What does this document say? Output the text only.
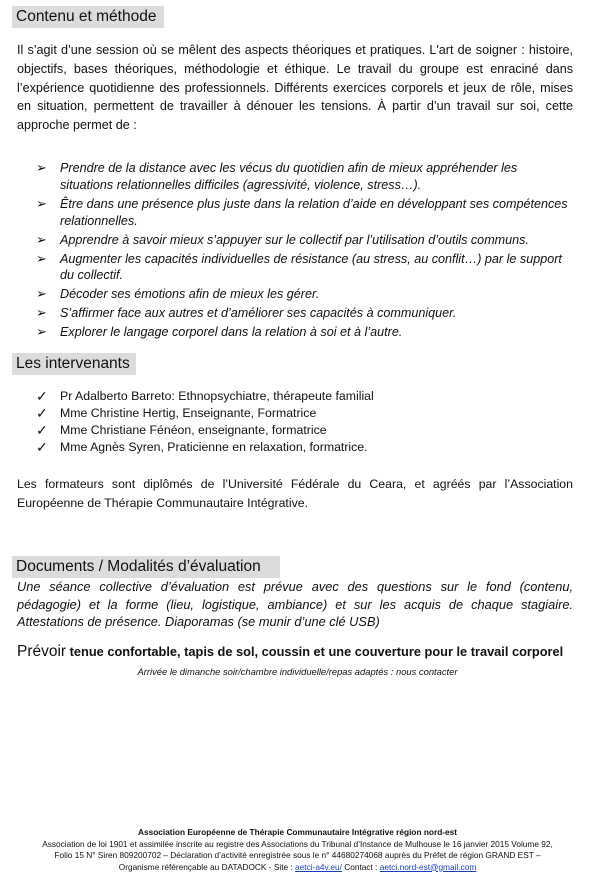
Contenu et méthode

Il s’agit d’une session où se mêlent des aspects théoriques et pratiques. L'art de soigner : histoire, objectifs, bases théoriques, méthodologie et éthique. Le travail du groupe est enraciné dans l’expérience quotidienne des professionnels. Différents exercices corporels et jeux de rôle, mises en situation, permettent de travailler à dénouer les tensions. À partir d’un travail sur soi, cette approche permet de :

➢ Prendre de la distance avec les vécus du quotidien afin de mieux appréhender les situations relationnelles difficiles (agressivité, violence, stress…).
➢ Être dans une présence plus juste dans la relation d’aide en développant ses compétences relationnelles.
➢ Apprendre à savoir mieux s’appuyer sur le collectif par l’utilisation d’outils communs.
➢ Augmenter les capacités individuelles de résistance (au stress, au conflit…) par le support du collectif.
➢ Décoder ses émotions afin de mieux les gérer.
➢ S’affirmer face aux autres et d’améliorer ses capacités à communiquer.
➢ Explorer le langage corporel dans la relation à soi et à l’autre.
Les intervenants
✓ Pr Adalberto Barreto: Ethnopsychiatre, thérapeute familial
✓ Mme Christine Hertig, Enseignante, Formatrice
✓ Mme Christiane Fénéon, enseignante, formatrice
✓ Mme Agnès Syren, Praticienne en relaxation, formatrice.

Les formateurs sont diplômés de l’Université Fédérale du Ceara, et agréés par l’Association Européenne de Thérapie Communautaire Intégrative.

Documents / Modalités d’évaluation

Une séance collective d’évaluation est prévue avec des questions sur le fond (contenu, pédagogie) et la forme (lieu, logistique, ambiance) et sur les acquis de chaque stagiaire. Attestations de présence. Diaporamas (se munir d’une clé USB)

Prévoir tenue confortable, tapis de sol, coussin et une couverture pour le travail corporel
Arrivée le dimanche soir/chambre individuelle/repas adaptés : nous contacter
Association Européenne de Thérapie Communautaire Intégrative région nord-est
Association de loi 1901 et assimilée inscrite au registre des Associations du Tribunal d’Instance de Mulhouse le 16 janvier 2015 Volume 92,
Folio 15 N° Siren 809200702 – Déclaration d’activité enregistrée sous le n° 44680274068 auprès du Préfet de région GRAND EST –
Organisme référençable au DATADOCK - Site : aetci-a4v.eu/ Contact : aetci.nord-est@gmail.com
